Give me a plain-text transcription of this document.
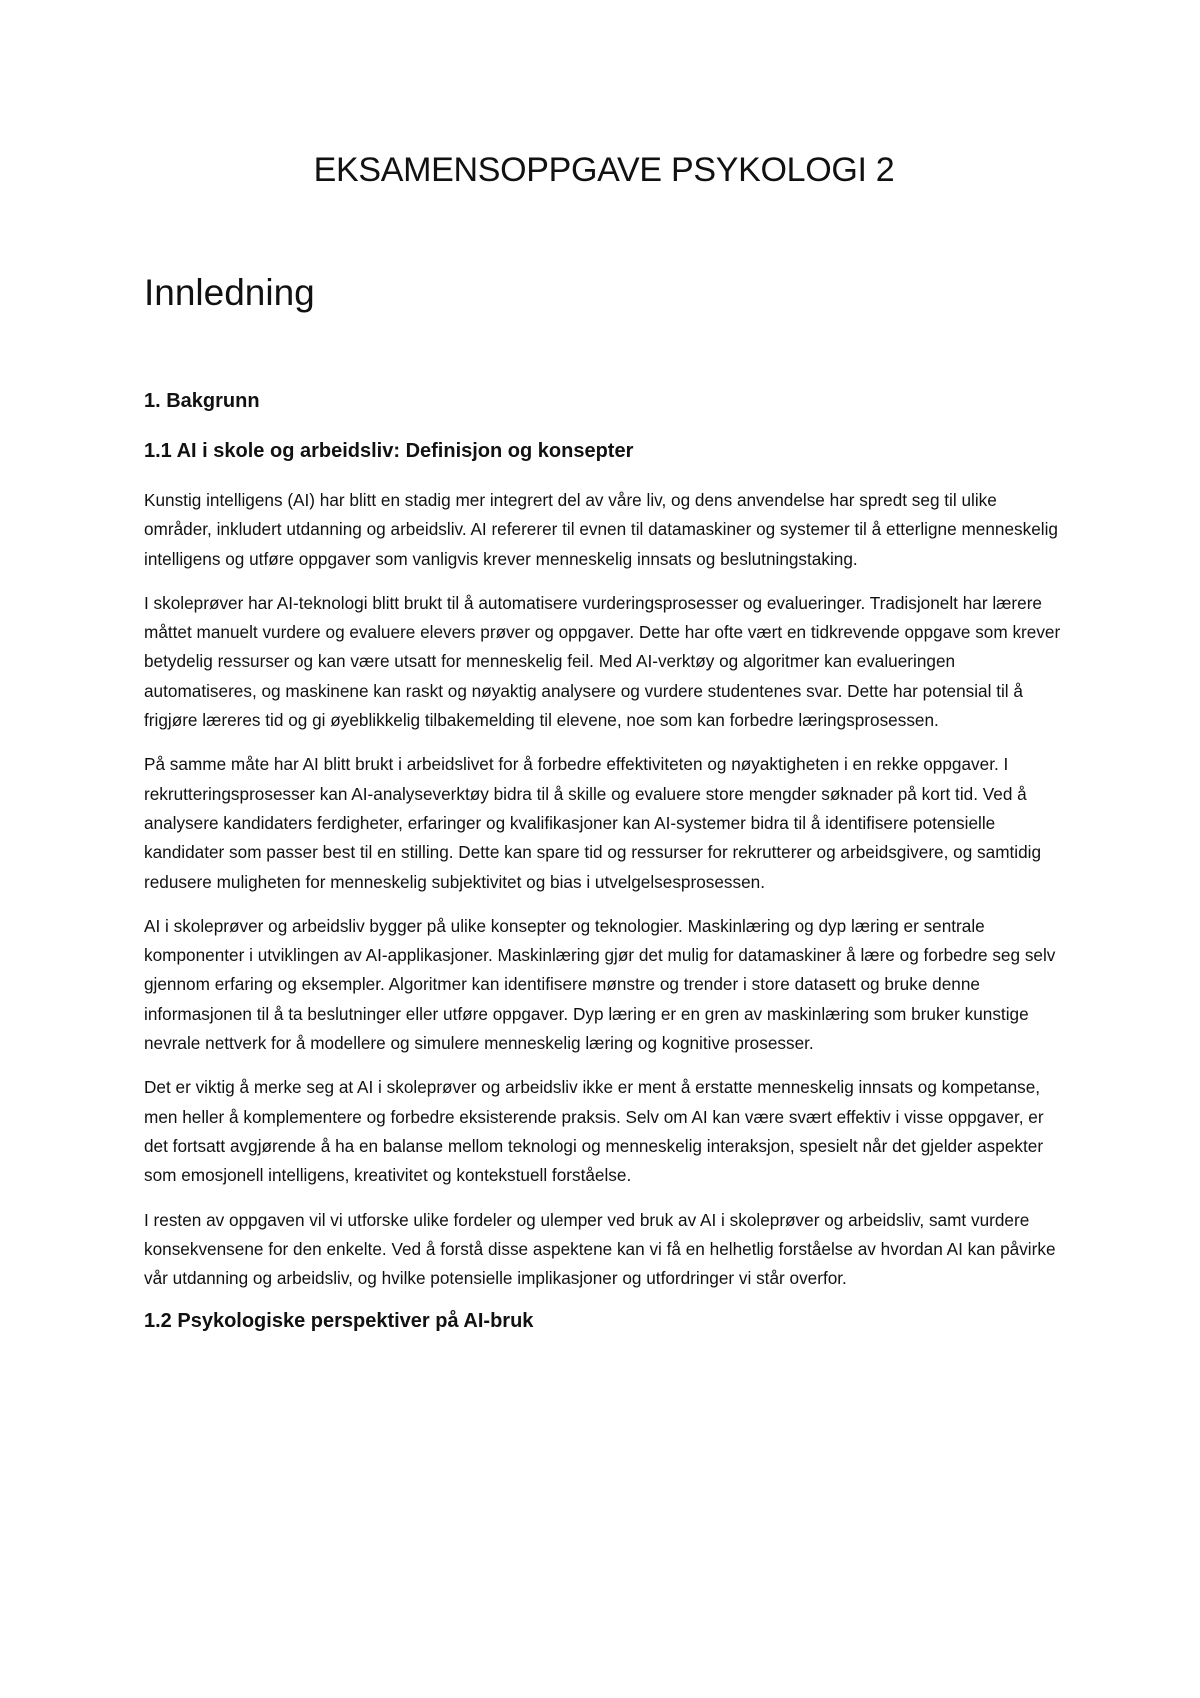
EKSAMENSOPPGAVE PSYKOLOGI 2
Innledning
1. Bakgrunn
1.1 AI i skole og arbeidsliv: Definisjon og konsepter

Kunstig intelligens (AI) har blitt en stadig mer integrert del av våre liv, og dens anvendelse har spredt seg til ulike områder, inkludert utdanning og arbeidsliv. AI refererer til evnen til datamaskiner og systemer til å etterligne menneskelig intelligens og utføre oppgaver som vanligvis krever menneskelig innsats og beslutningstaking.

I skoleprøver har AI-teknologi blitt brukt til å automatisere vurderingsprosesser og evalueringer. Tradisjonelt har lærere måttet manuelt vurdere og evaluere elevers prøver og oppgaver. Dette har ofte vært en tidkrevende oppgave som krever betydelig ressurser og kan være utsatt for menneskelig feil. Med AI-verktøy og algoritmer kan evalueringen automatiseres, og maskinene kan raskt og nøyaktig analysere og vurdere studentenes svar. Dette har potensial til å frigjøre læreres tid og gi øyeblikkelig tilbakemelding til elevene, noe som kan forbedre læringsprosessen.

På samme måte har AI blitt brukt i arbeidslivet for å forbedre effektiviteten og nøyaktigheten i en rekke oppgaver. I rekrutteringsprosesser kan AI-analyseverktøy bidra til å skille og evaluere store mengder søknader på kort tid. Ved å analysere kandidaters ferdigheter, erfaringer og kvalifikasjoner kan AI-systemer bidra til å identifisere potensielle kandidater som passer best til en stilling. Dette kan spare tid og ressurser for rekrutterer og arbeidsgivere, og samtidig redusere muligheten for menneskelig subjektivitet og bias i utvelgelsesprosessen.

AI i skoleprøver og arbeidsliv bygger på ulike konsepter og teknologier. Maskinlæring og dyp læring er sentrale komponenter i utviklingen av AI-applikasjoner. Maskinlæring gjør det mulig for datamaskiner å lære og forbedre seg selv gjennom erfaring og eksempler. Algoritmer kan identifisere mønstre og trender i store datasett og bruke denne informasjonen til å ta beslutninger eller utføre oppgaver. Dyp læring er en gren av maskinlæring som bruker kunstige nevrale nettverk for å modellere og simulere menneskelig læring og kognitive prosesser.

Det er viktig å merke seg at AI i skoleprøver og arbeidsliv ikke er ment å erstatte menneskelig innsats og kompetanse, men heller å komplementere og forbedre eksisterende praksis. Selv om AI kan være svært effektiv i visse oppgaver, er det fortsatt avgjørende å ha en balanse mellom teknologi og menneskelig interaksjon, spesielt når det gjelder aspekter som emosjonell intelligens, kreativitet og kontekstuell forståelse.

I resten av oppgaven vil vi utforske ulike fordeler og ulemper ved bruk av AI i skoleprøver og arbeidsliv, samt vurdere konsekvensene for den enkelte. Ved å forstå disse aspektene kan vi få en helhetlig forståelse av hvordan AI kan påvirke vår utdanning og arbeidsliv, og hvilke potensielle implikasjoner og utfordringer vi står overfor.

1.2 Psykologiske perspektiver på AI-bruk
